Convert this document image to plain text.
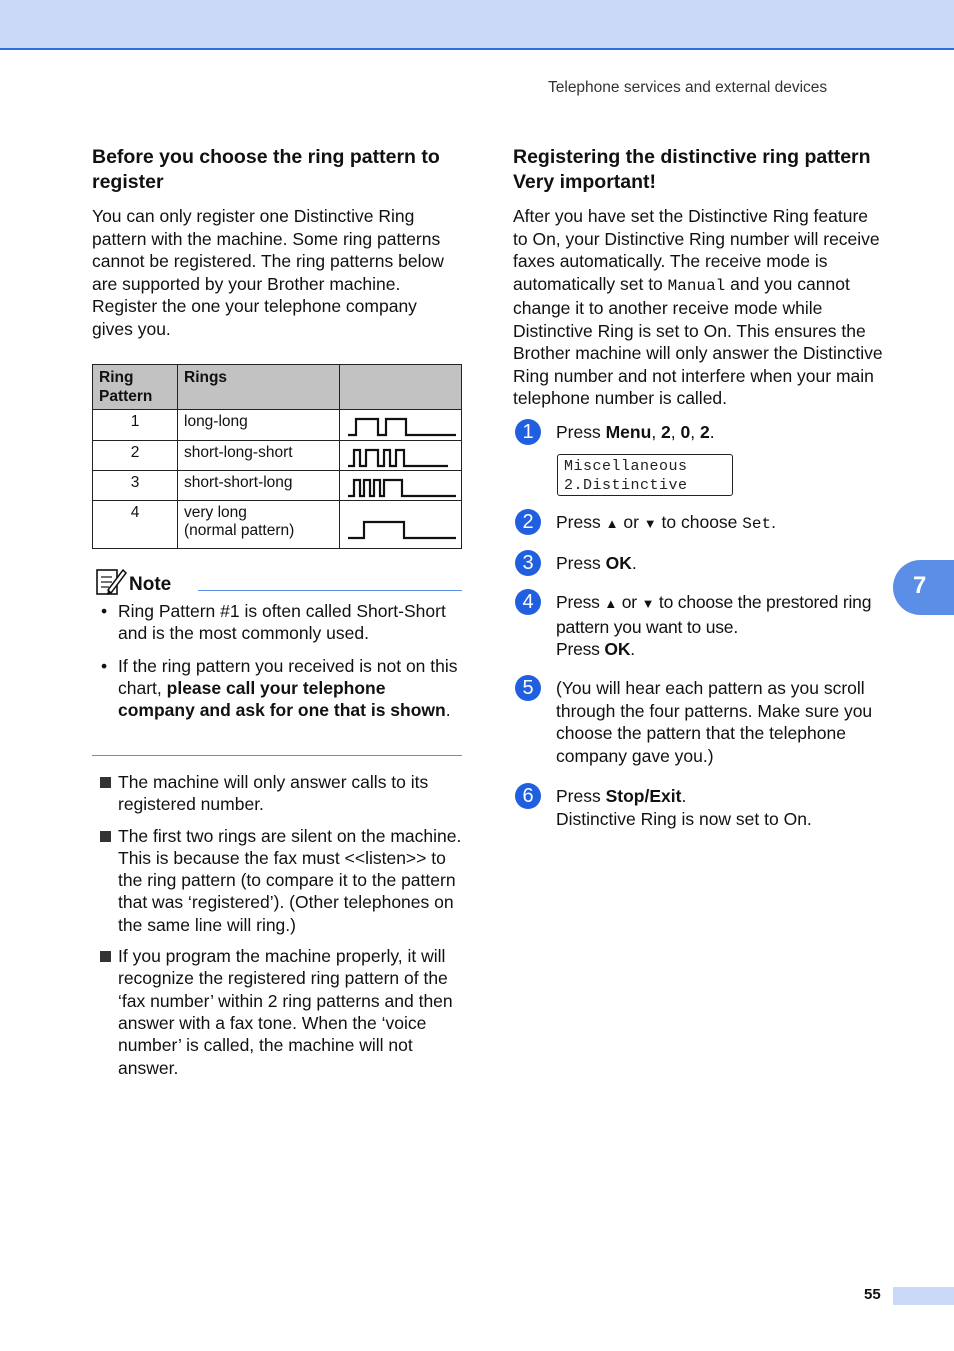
Telephone services and external devices
Before you choose the ring pattern to register

You can only register one Distinctive Ring pattern with the machine. Some ring patterns cannot be registered. The ring patterns below are supported by your Brother machine. Register the one your telephone company gives you.

Ring Pattern	Rings	
1	long-long	

2	short-long-short	

3	short-short-long	

4	very long
(normal pattern)

Note
• Ring Pattern #1 is often called Short-Short and is the most commonly used.
• If the ring pattern you received is not on this chart, please call your telephone company and ask for one that is shown.
The machine will only answer calls to its registered number.
The first two rings are silent on the machine. This is because the fax must <<listen>> to the ring pattern (to compare it to the pattern that was ‘registered’). (Other telephones on the same line will ring.)
If you program the machine properly, it will recognize the registered ring pattern of the ‘fax number’ within 2 ring patterns and then answer with a fax tone. When the ‘voice number’ is called, the machine will not answer.
Registering the distinctive ring pattern
Very important!

After you have set the Distinctive Ring feature to On, your Distinctive Ring number will receive faxes automatically. The receive mode is automatically set to Manual and you cannot change it to another receive mode while Distinctive Ring is set to On. This ensures the Brother machine will only answer the Distinctive Ring number and not interfere when your main telephone number is called.

1	Press Menu, 2, 0, 2.
Miscellaneous
2.Distinctive
2	Press ▲ or ▼ to choose Set.
3	Press OK.
4	Press ▲ or ▼ to choose the prestored ring pattern you want to use.
Press OK.
5	(You will hear each pattern as you scroll through the four patterns. Make sure you choose the pattern that the telephone company gave you.)
6	Press Stop/Exit.
Distinctive Ring is now set to On.
7
55
